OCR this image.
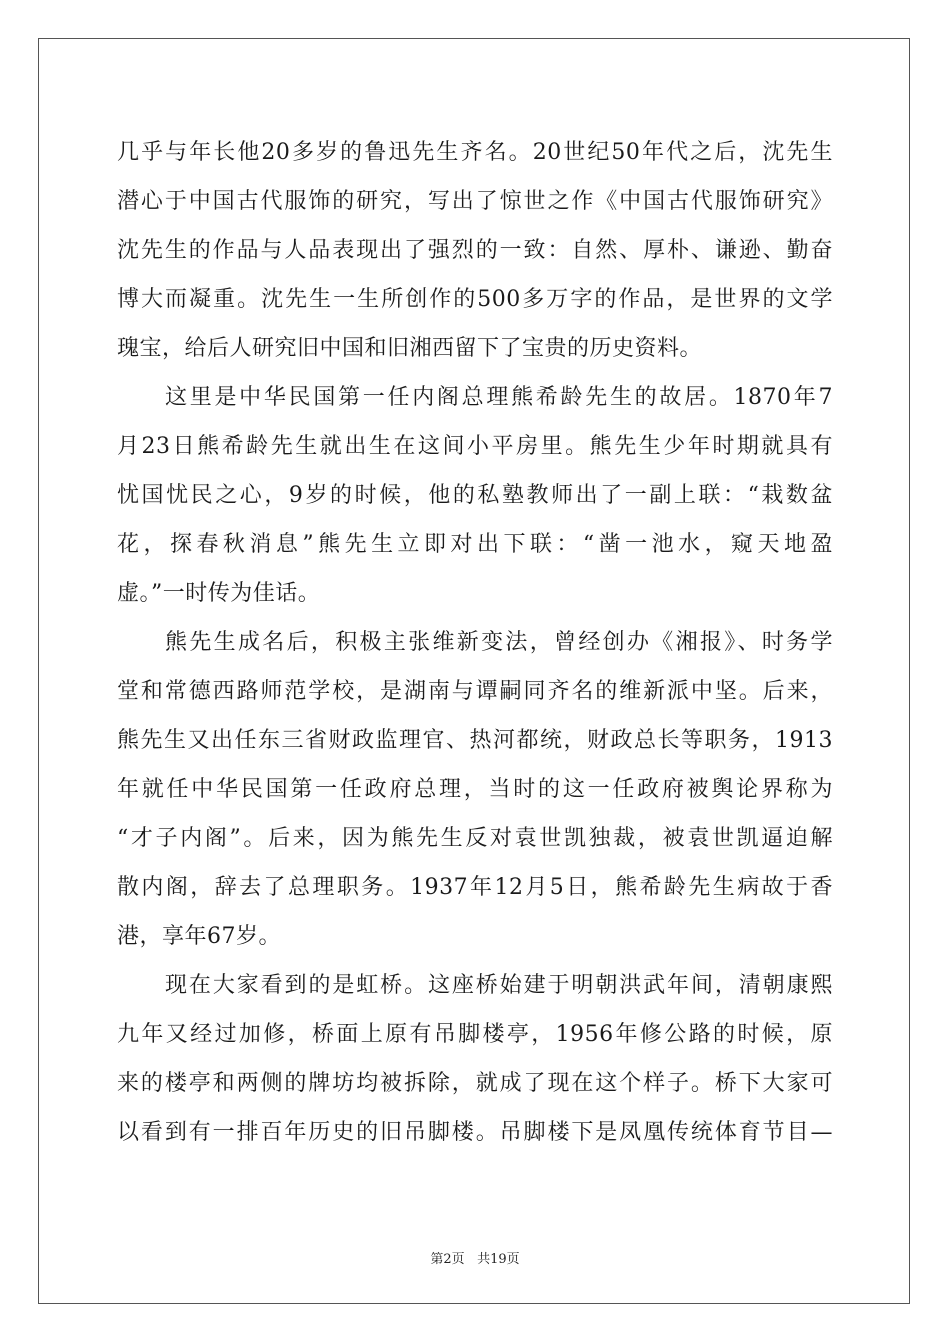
几乎与年长他20多岁的鲁迅先生齐名。20世纪50年代之后，沈先生
潜心于中国古代服饰的研究，写出了惊世之作《中国古代服饰研究》
沈先生的作品与人品表现出了强烈的一致：自然、厚朴、谦逊、勤奋
博大而凝重。沈先生一生所创作的500多万字的作品，是世界的文学
瑰宝，给后人研究旧中国和旧湘西留下了宝贵的历史资料。
这里是中华民国第一任内阁总理熊希龄先生的故居。1870年7
月23日熊希龄先生就出生在这间小平房里。熊先生少年时期就具有
忧国忧民之心，9岁的时候，他的私塾教师出了一副上联：“栽数盆
花，探春秋消息”熊先生立即对出下联：“凿一池水，窥天地盈
虚。”一时传为佳话。
熊先生成名后，积极主张维新变法，曾经创办《湘报》、时务学
堂和常德西路师范学校，是湖南与谭嗣同齐名的维新派中坚。后来，
熊先生又出任东三省财政监理官、热河都统，财政总长等职务，1913
年就任中华民国第一任政府总理，当时的这一任政府被舆论界称为
“才子内阁”。后来，因为熊先生反对袁世凯独裁，被袁世凯逼迫解
散内阁，辞去了总理职务。1937年12月5日，熊希龄先生病故于香
港，享年67岁。
现在大家看到的是虹桥。这座桥始建于明朝洪武年间，清朝康熙
九年又经过加修，桥面上原有吊脚楼亭，1956年修公路的时候，原
来的楼亭和两侧的牌坊均被拆除，就成了现在这个样子。桥下大家可
以看到有一排百年历史的旧吊脚楼。吊脚楼下是凤凰传统体育节目—
第2页 共19页
